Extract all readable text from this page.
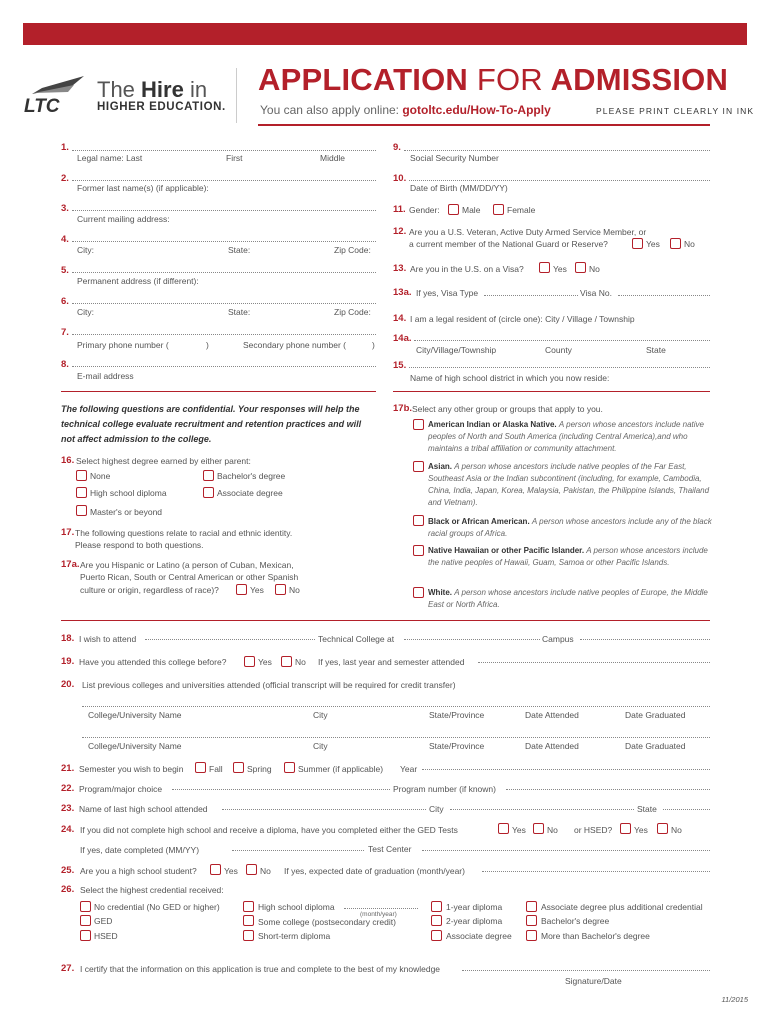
LTC
The Hire in
HIGHER EDUCATION.
APPLICATION FOR ADMISSION
You can also apply online: gotoltc.edu/How-To-Apply	PLEASE PRINT CLEARLY IN INK
1.
Legal name: Last	First	Middle
2.
Former last name(s) (if applicable):
3.
Current mailing address:
4.
City:	State:	Zip Code:
5.
Permanent address (if different):
6.
City:	State:	Zip Code:
7.
Primary phone number (	)	Secondary phone number (	)
8.
E-mail address
9.
Social Security Number
10.
Date of Birth (MM/DD/YY)
11. Gender:	Male	Female
12. Are you a U.S. Veteran, Active Duty Armed Service Member, or
a current member of the National Guard or Reserve?	Yes	No
13. Are you in the U.S. on a Visa?	Yes	No
13a. If yes, Visa Type	Visa No.
14. I am a legal resident of (circle one): City / Village / Township
14a.
City/Village/Township	County	State
15.
Name of high school district in which you now reside:
The following questions are confidential. Your responses will help the technical college evaluate recruitment and retention practices and will not affect admission to the college.
16. Select highest degree earned by either parent:
None	Bachelor's degree
High school diploma	Associate degree
Master's or beyond
17. The following questions relate to racial and ethnic identity.
Please respond to both questions.
17a. Are you Hispanic or Latino (a person of Cuban, Mexican,
Puerto Rican, South or Central American or other Spanish
culture or origin, regardless of race)?	Yes	No
17b. Select any other group or groups that apply to you.
American Indian or Alaska Native. A person whose ancestors include native peoples of North and South America (including Central America),and who maintains a tribal affiliation or community attachment.
Asian. A person whose ancestors include native peoples of the Far East, Southeast Asia or the Indian subcontinent (including, for example, Cambodia, China, India, Japan, Korea, Malaysia, Pakistan, the Philippine Islands, Thailand and Vietnam).
Black or African American. A person whose ancestors include any of the black racial groups of Africa.
Native Hawaiian or other Pacific Islander. A person whose ancestors include the native peoples of Hawaii, Guam, Samoa or other Pacific Islands.
White. A person whose ancestors include native peoples of Europe, the Middle East or North Africa.
18. I wish to attend	Technical College at	Campus
19. Have you attended this college before?	Yes	No If yes, last year and semester attended
20. List previous colleges and universities attended (official transcript will be required for credit transfer)
College/University Name	City	State/Province	Date Attended	Date Graduated
College/University Name	City	State/Province	Date Attended	Date Graduated
21. Semester you wish to begin	Fall	Spring	Summer (if applicable) Year
22. Program/major choice	Program number (if known)
23. Name of last high school attended	City	State
24. If you did not complete high school and receive a diploma, have you completed either the GED Tests	Yes No or HSED?	Yes	No
If yes, date completed (MM/YY)	Test Center
25. Are you a high school student?	Yes	No If yes, expected date of graduation (month/year)
26. Select the highest credential received:
No credential (No GED or higher)
GED
HSED
High school diploma
(month/year)
Some college (postsecondary credit)
Short-term diploma
1-year diploma
2-year diploma
Associate degree
Associate degree plus additional credential
Bachelor's degree
More than Bachelor's degree
27. I certify that the information on this application is true and complete to the best of my knowledge
Signature/Date
11/2015
